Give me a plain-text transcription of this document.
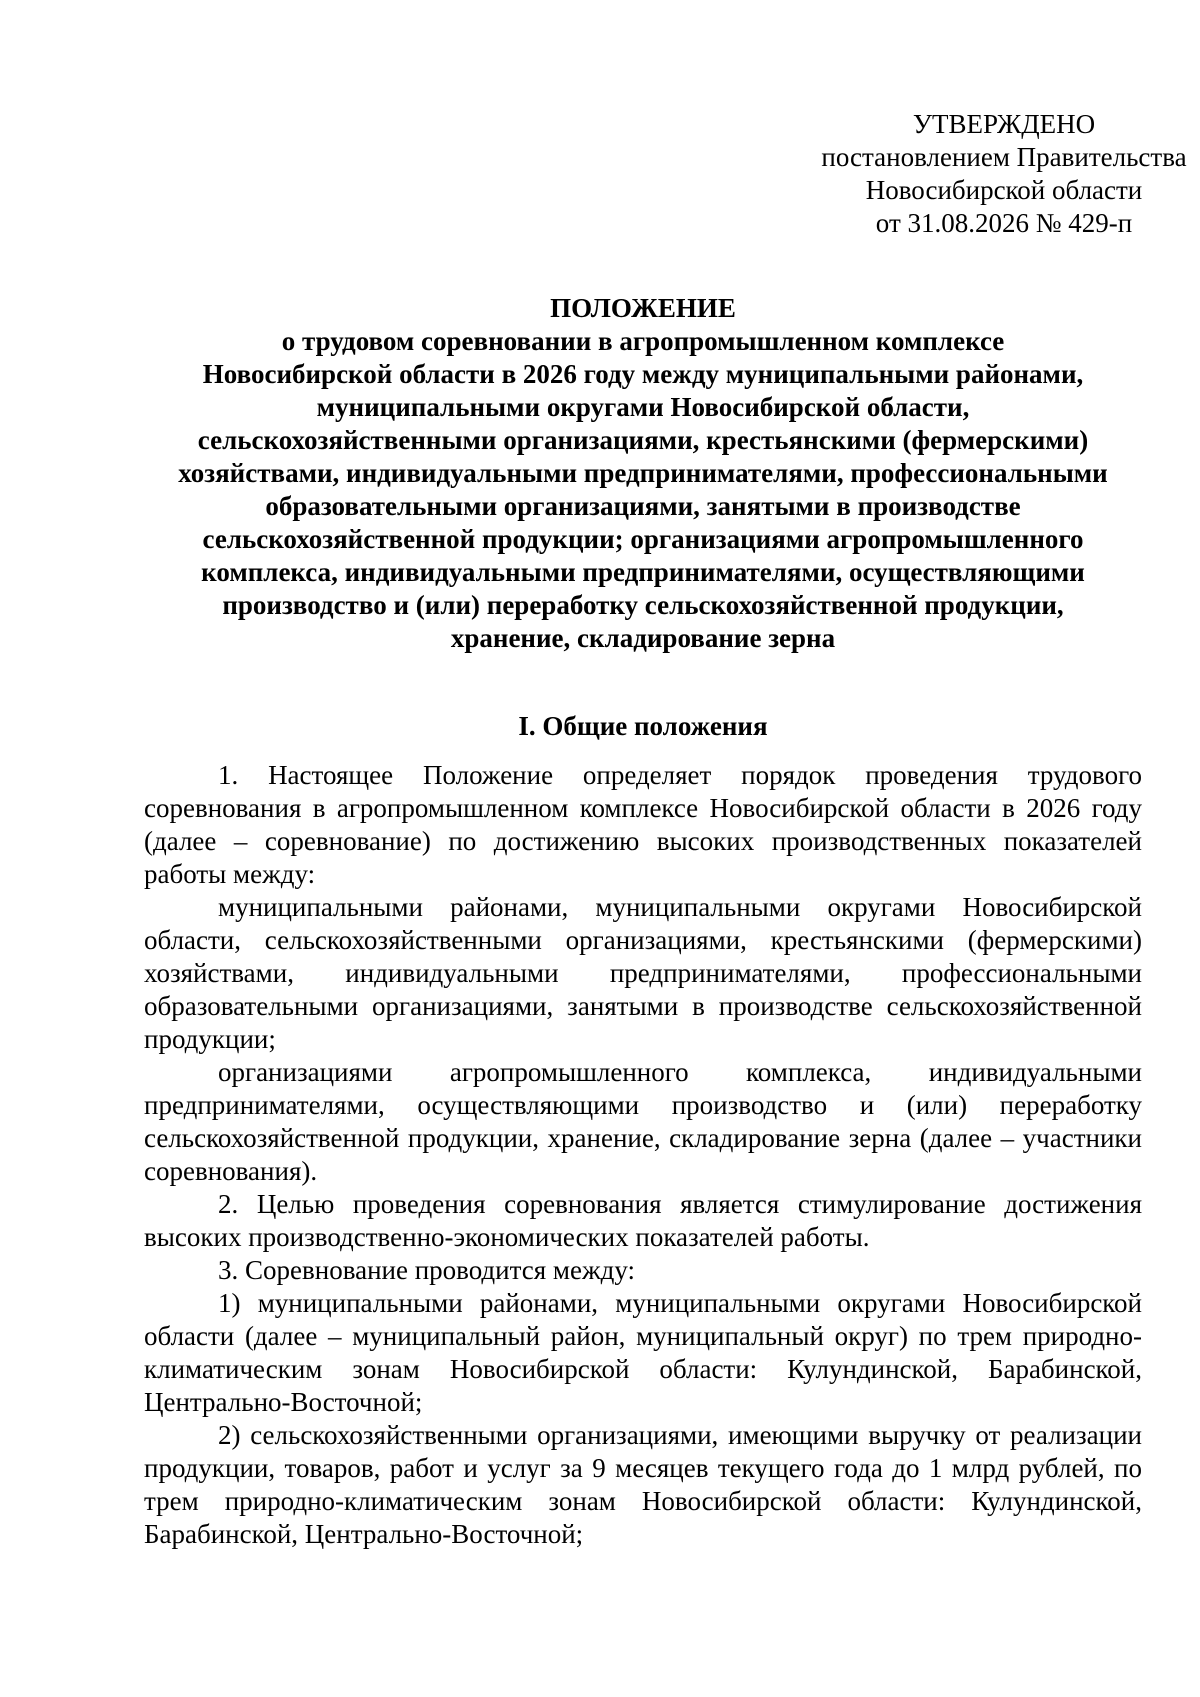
УТВЕРЖДЕНО
постановлением Правительства
Новосибирской области
от 31.08.2026 № 429-п
ПОЛОЖЕНИЕ
о трудовом соревновании в агропромышленном комплексе
Новосибирской области в 2026 году между муниципальными районами,
муниципальными округами Новосибирской области,
сельскохозяйственными организациями, крестьянскими (фермерскими)
хозяйствами, индивидуальными предпринимателями, профессиональными
образовательными организациями, занятыми в производстве
сельскохозяйственной продукции; организациями агропромышленного
комплекса, индивидуальными предпринимателями, осуществляющими
производство и (или) переработку сельскохозяйственной продукции,
хранение, складирование зерна
I. Общие положения

1. Настоящее Положение определяет порядок проведения трудового соревнования в агропромышленном комплексе Новосибирской области в 2026 году (далее – соревнование) по достижению высоких производственных показателей работы между:

муниципальными районами, муниципальными округами Новосибирской области, сельскохозяйственными организациями, крестьянскими (фермерскими) хозяйствами, индивидуальными предпринимателями, профессиональными образовательными организациями, занятыми в производстве сельскохозяйственной продукции;

организациями агропромышленного комплекса, индивидуальными предпринимателями, осуществляющими производство и (или) переработку сельскохозяйственной продукции, хранение, складирование зерна (далее – участники соревнования).

2. Целью проведения соревнования является стимулирование достижения высоких производственно-экономических показателей работы.

3. Соревнование проводится между:

1) муниципальными районами, муниципальными округами Новосибирской области (далее – муниципальный район, муниципальный округ) по трем природно-климатическим зонам Новосибирской области: Кулундинской, Барабинской, Центрально-Восточной;

2) сельскохозяйственными организациями, имеющими выручку от реализации продукции, товаров, работ и услуг за 9 месяцев текущего года до 1 млрд рублей, по трем природно-климатическим зонам Новосибирской области: Кулундинской, Барабинской, Центрально-Восточной;
